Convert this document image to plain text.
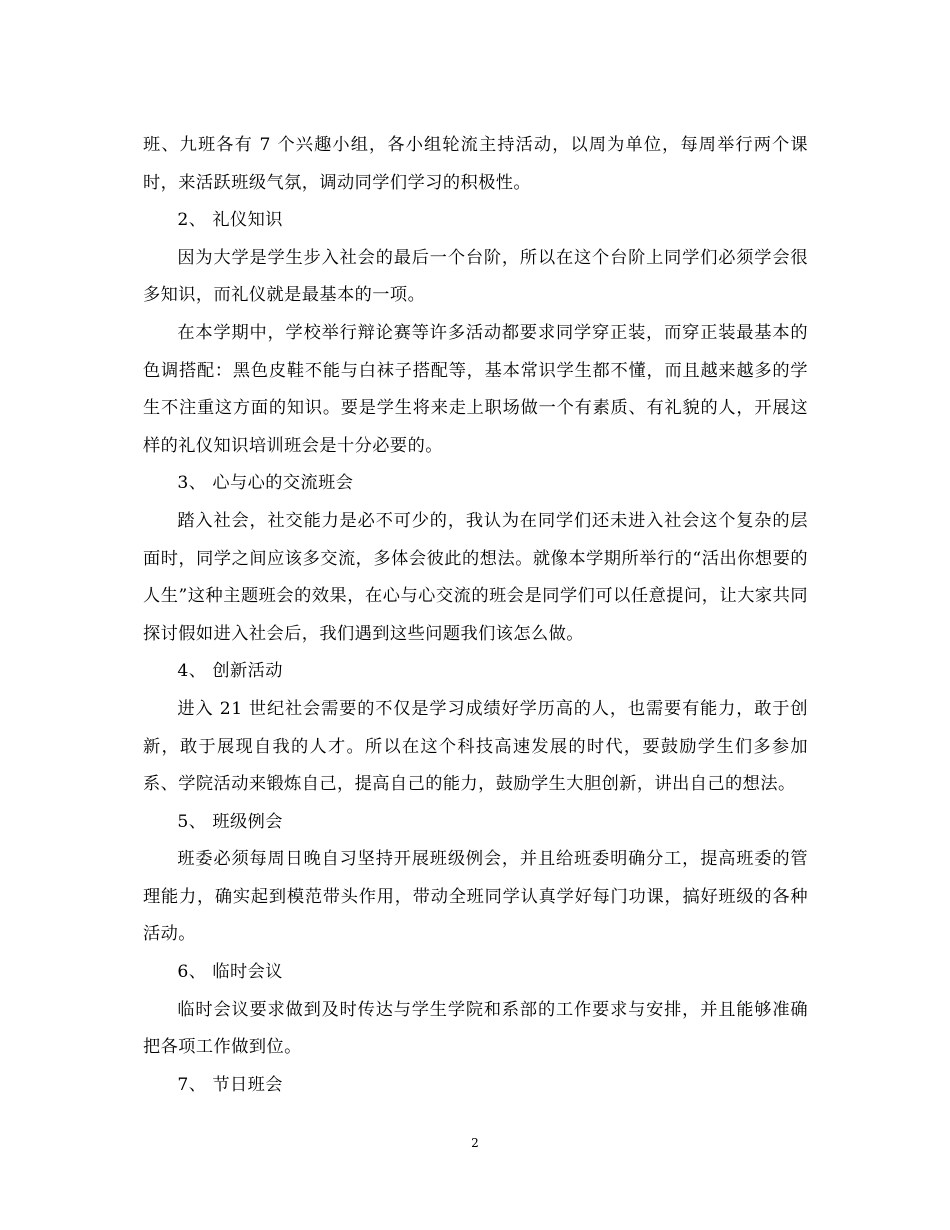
班、九班各有 7 个兴趣小组，各小组轮流主持活动，以周为单位，每周举行两个课时，来活跃班级气氛，调动同学们学习的积极性。

2、 礼仪知识

因为大学是学生步入社会的最后一个台阶，所以在这个台阶上同学们必须学会很多知识，而礼仪就是最基本的一项。

在本学期中，学校举行辩论赛等许多活动都要求同学穿正装，而穿正装最基本的色调搭配：黑色皮鞋不能与白袜子搭配等，基本常识学生都不懂，而且越来越多的学生不注重这方面的知识。要是学生将来走上职场做一个有素质、有礼貌的人，开展这样的礼仪知识培训班会是十分必要的。

3、 心与心的交流班会

踏入社会，社交能力是必不可少的，我认为在同学们还未进入社会这个复杂的层面时，同学之间应该多交流，多体会彼此的想法。就像本学期所举行的“活出你想要的人生”这种主题班会的效果，在心与心交流的班会是同学们可以任意提问，让大家共同探讨假如进入社会后，我们遇到这些问题我们该怎么做。

4、 创新活动

进入 21 世纪社会需要的不仅是学习成绩好学历高的人，也需要有能力，敢于创新，敢于展现自我的人才。所以在这个科技高速发展的时代，要鼓励学生们多参加系、学院活动来锻炼自己，提高自己的能力，鼓励学生大胆创新，讲出自己的想法。

5、 班级例会

班委必须每周日晚自习坚持开展班级例会，并且给班委明确分工，提高班委的管理能力，确实起到模范带头作用，带动全班同学认真学好每门功课，搞好班级的各种活动。

6、 临时会议

临时会议要求做到及时传达与学生学院和系部的工作要求与安排，并且能够准确把各项工作做到位。

7、 节日班会

2
